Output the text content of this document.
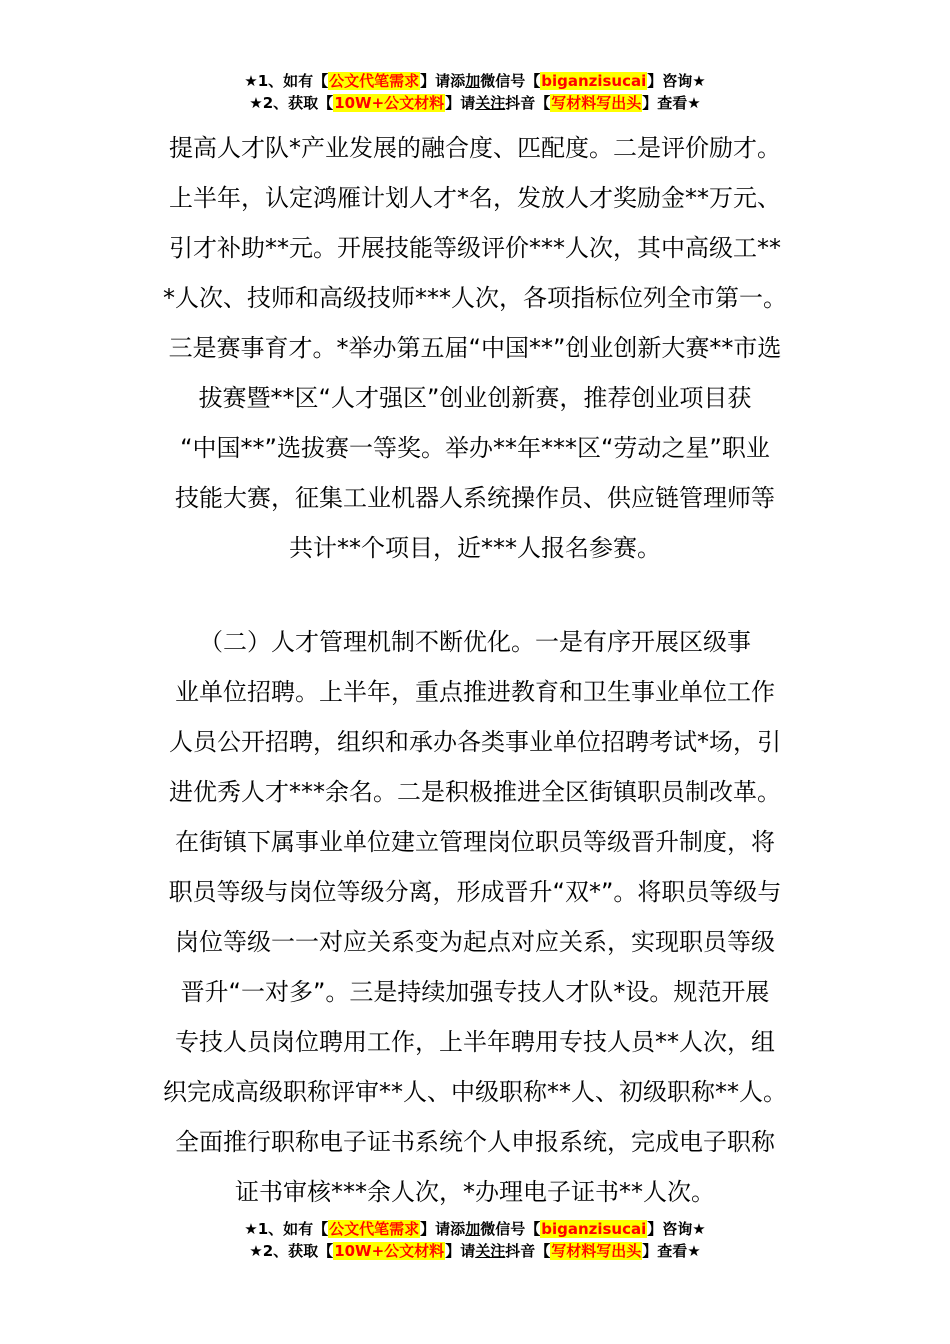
★1、如有【公文代笔需求】请添加微信号【biganzisucai】咨询★
★2、获取【10W+公文材料】请关注抖音【写材料写出头】查看★
提高人才队*产业发展的融合度、匹配度。二是评价励才。
上半年，认定鸿雁计划人才*名，发放人才奖励金**万元、
引才补助**元。开展技能等级评价***人次，其中高级工**
*人次、技师和高级技师***人次，各项指标位列全市第一。
三是赛事育才。*举办第五届“中国**”创业创新大赛**市选
拔赛暨**区“人才强区”创业创新赛，推荐创业项目获
“中国**”选拔赛一等奖。举办**年***区“劳动之星”职业
技能大赛，征集工业机器人系统操作员、供应链管理师等
共计**个项目，近***人报名参赛。
（二）人才管理机制不断优化。一是有序开展区级事
业单位招聘。上半年，重点推进教育和卫生事业单位工作
人员公开招聘，组织和承办各类事业单位招聘考试*场，引
进优秀人才***余名。二是积极推进全区街镇职员制改革。
在街镇下属事业单位建立管理岗位职员等级晋升制度，将
职员等级与岗位等级分离，形成晋升“双*”。将职员等级与
岗位等级一一对应关系变为起点对应关系，实现职员等级
晋升“一对多”。三是持续加强专技人才队*设。规范开展
专技人员岗位聘用工作，上半年聘用专技人员**人次，组
织完成高级职称评审**人、中级职称**人、初级职称**人。
全面推行职称电子证书系统个人申报系统，完成电子职称
证书审核***余人次，*办理电子证书**人次。
★1、如有【公文代笔需求】请添加微信号【biganzisucai】咨询★
★2、获取【10W+公文材料】请关注抖音【写材料写出头】查看★
